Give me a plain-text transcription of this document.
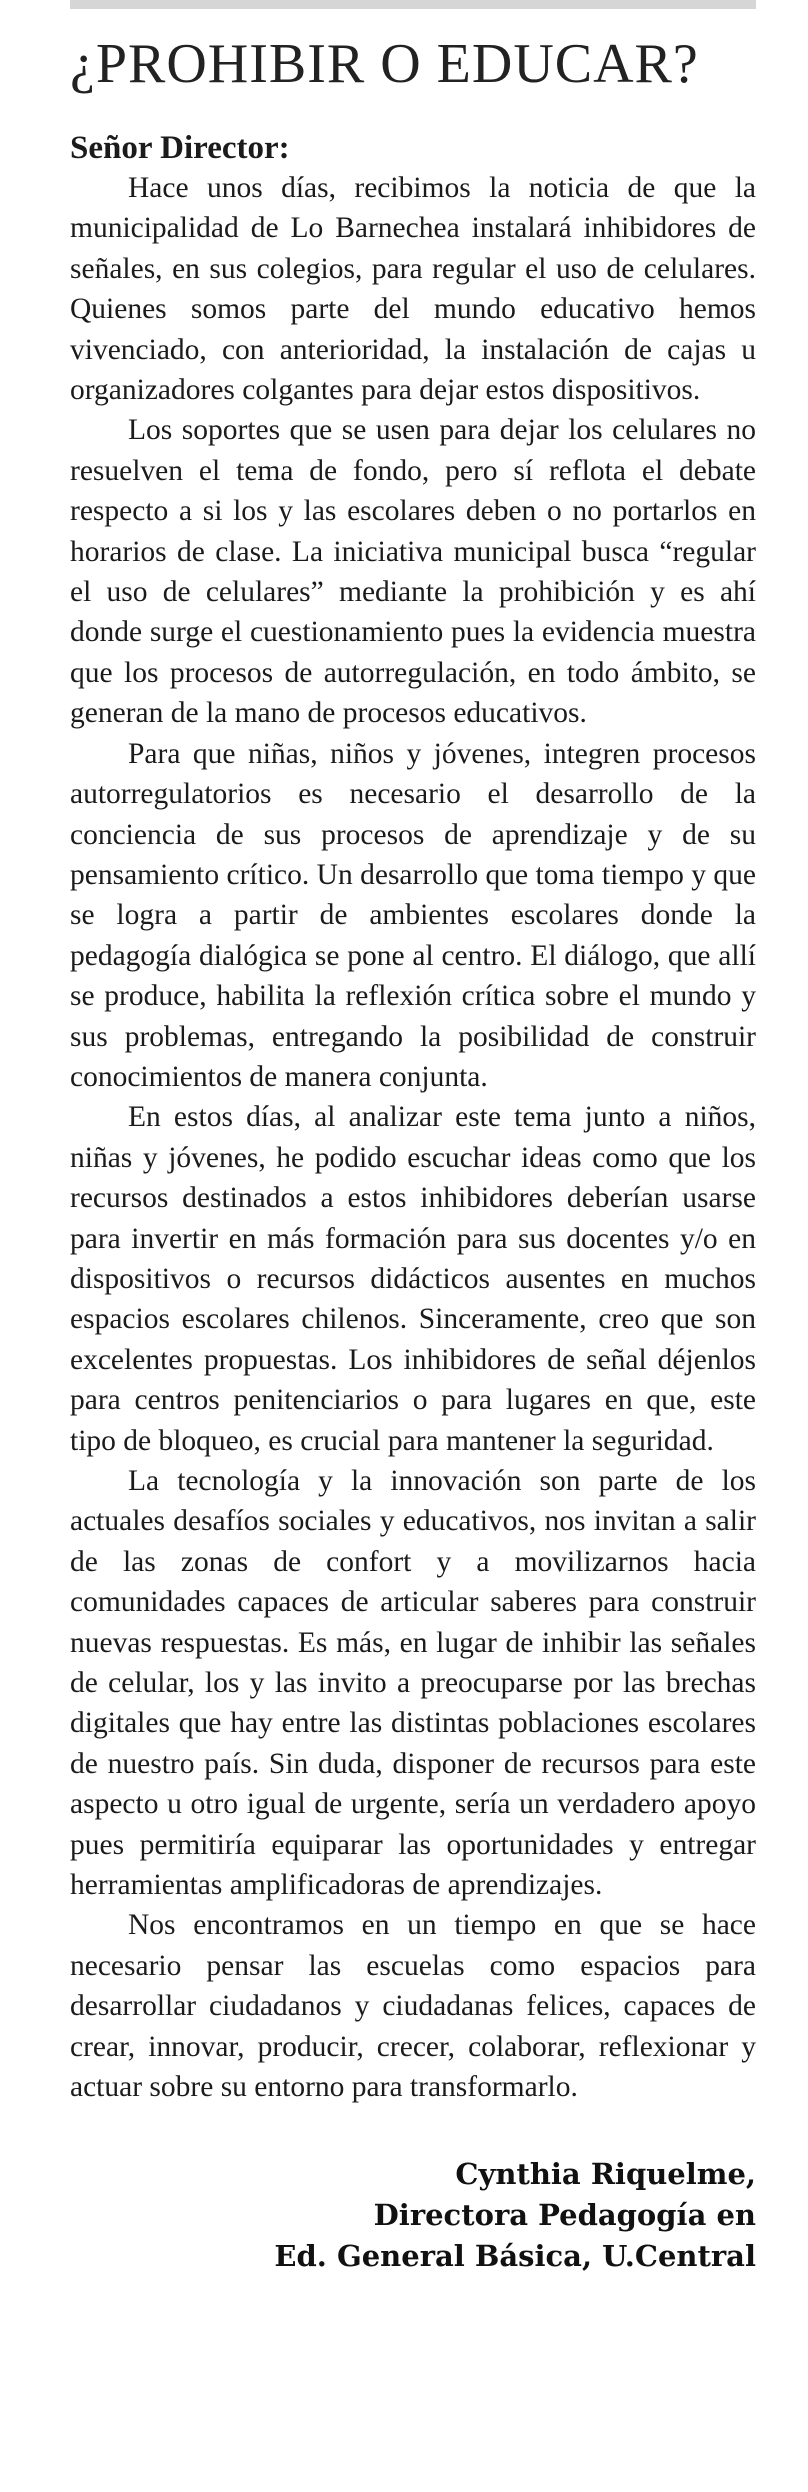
¿PROHIBIR O EDUCAR?
Señor Director:

Hace unos días, recibimos la noticia de que la municipalidad de Lo Barnechea instalará inhibidores de señales, en sus colegios, para regular el uso de celulares. Quienes somos parte del mundo educativo hemos vivenciado, con anterioridad, la instalación de cajas u organizadores colgantes para dejar estos dispositivos.

Los soportes que se usen para dejar los celulares no resuelven el tema de fondo, pero sí reflota el debate respecto a si los y las escolares deben o no portarlos en horarios de clase. La iniciativa municipal busca “regular el uso de celulares” mediante la prohibición y es ahí donde surge el cuestionamiento pues la evidencia muestra que los procesos de autorregulación, en todo ámbito, se generan de la mano de procesos educativos.

Para que niñas, niños y jóvenes, integren procesos autorregulatorios es necesario el desarrollo de la conciencia de sus procesos de aprendizaje y de su pensamiento crítico. Un desarrollo que toma tiempo y que se logra a partir de ambientes escolares donde la pedagogía dialógica se pone al centro. El diálogo, que allí se produce, habilita la reflexión crítica sobre el mundo y sus problemas, entregando la posibilidad de construir conocimientos de manera conjunta.

En estos días, al analizar este tema junto a niños, niñas y jóvenes, he podido escuchar ideas como que los recursos destinados a estos inhibidores deberían usarse para invertir en más formación para sus docentes y/o en dispositivos o recursos didácticos ausentes en muchos espacios escolares chilenos. Sinceramente, creo que son excelentes propuestas. Los inhibidores de señal déjenlos para centros penitenciarios o para lugares en que, este tipo de bloqueo, es crucial para mantener la seguridad.

La tecnología y la innovación son parte de los actuales desafíos sociales y educativos, nos invitan a salir de las zonas de confort y a movilizarnos hacia comunidades capaces de articular saberes para construir nuevas respuestas. Es más, en lugar de inhibir las señales de celular, los y las invito a preocuparse por las brechas digitales que hay entre las distintas poblaciones escolares de nuestro país. Sin duda, disponer de recursos para este aspecto u otro igual de urgente, sería un verdadero apoyo pues permitiría equiparar las oportunidades y entregar herramientas amplificadoras de aprendizajes.

Nos encontramos en un tiempo en que se hace necesario pensar las escuelas como espacios para desarrollar ciudadanos y ciudadanas felices, capaces de crear, innovar, producir, crecer, colaborar, reflexionar y actuar sobre su entorno para transformarlo.

Cynthia Riquelme,
Directora Pedagogía en
Ed. General Básica, U.Central
